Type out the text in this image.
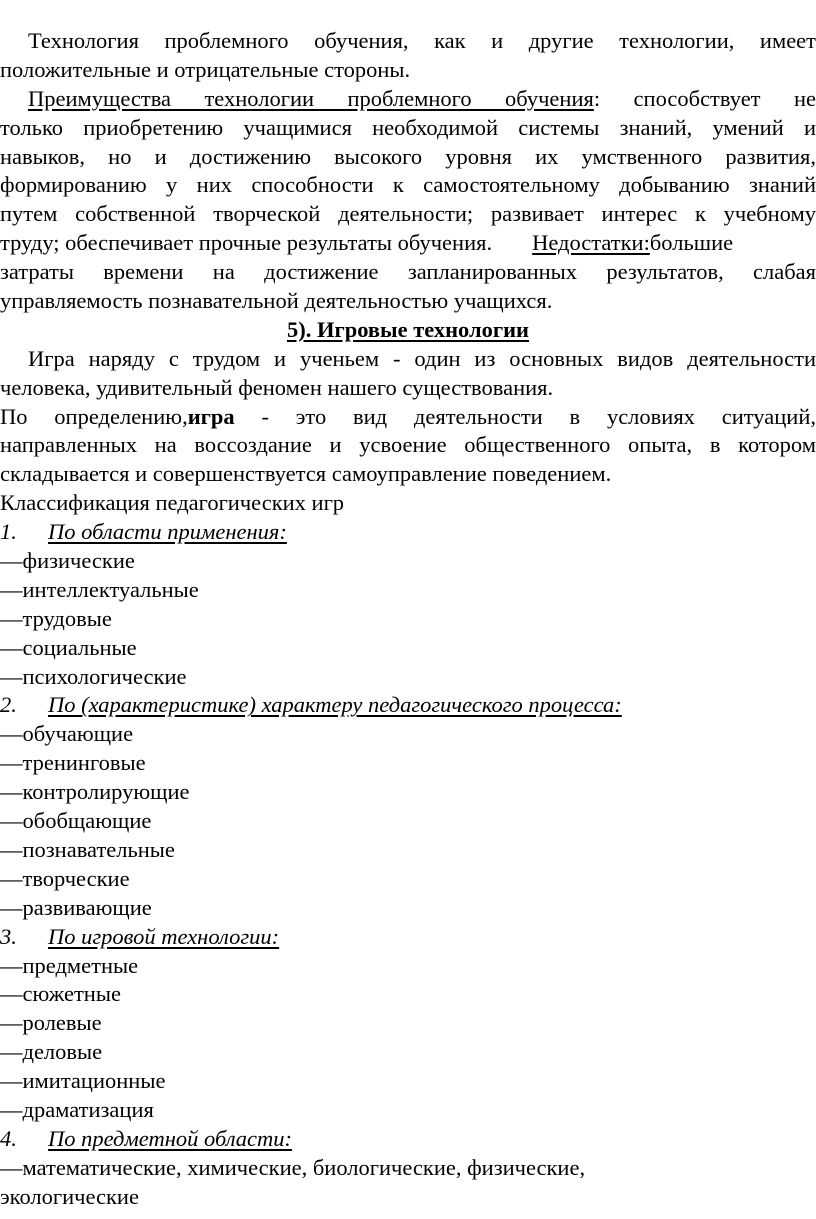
Технология проблемного обучения, как и другие технологии, имеет

положительные и отрицательные стороны.

Преимущества технологии проблемного обучения: способствует не

только приобретению учащимися необходимой системы знаний, умений и

навыков, но и достижению высокого уровня их умственного развития,

формированию у них способности к самостоятельному добыванию знаний

путем собственной творческой деятельности; развивает интерес к учебному

труду; обеспечивает прочные результаты обучения. Недостатки:большие

затраты времени на достижение запланированных результатов, слабая

управляемость познавательной деятельностью учащихся.

5). Игровые технологии

Игра наряду с трудом и ученьем - один из основных видов деятельности

человека, удивительный феномен нашего существования.

По определению,игра - это вид деятельности в условиях ситуаций,

направленных на воссоздание и усвоение общественного опыта, в котором

складывается и совершенствуется самоуправление поведением.

Классификация педагогических игр

1. По области применения:

—физические

—интеллектуальные

—трудовые

—социальные

—психологические

2. По (характеристике) характеру педагогического процесса:

—обучающие

—тренинговые

—контролирующие

—обобщающие

—познавательные

—творческие

—развивающие

3. По игровой технологии:

—предметные

—сюжетные

—ролевые

—деловые

—имитационные

—драматизация

4. По предметной области:

—математические, химические, биологические, физические,

экологические
